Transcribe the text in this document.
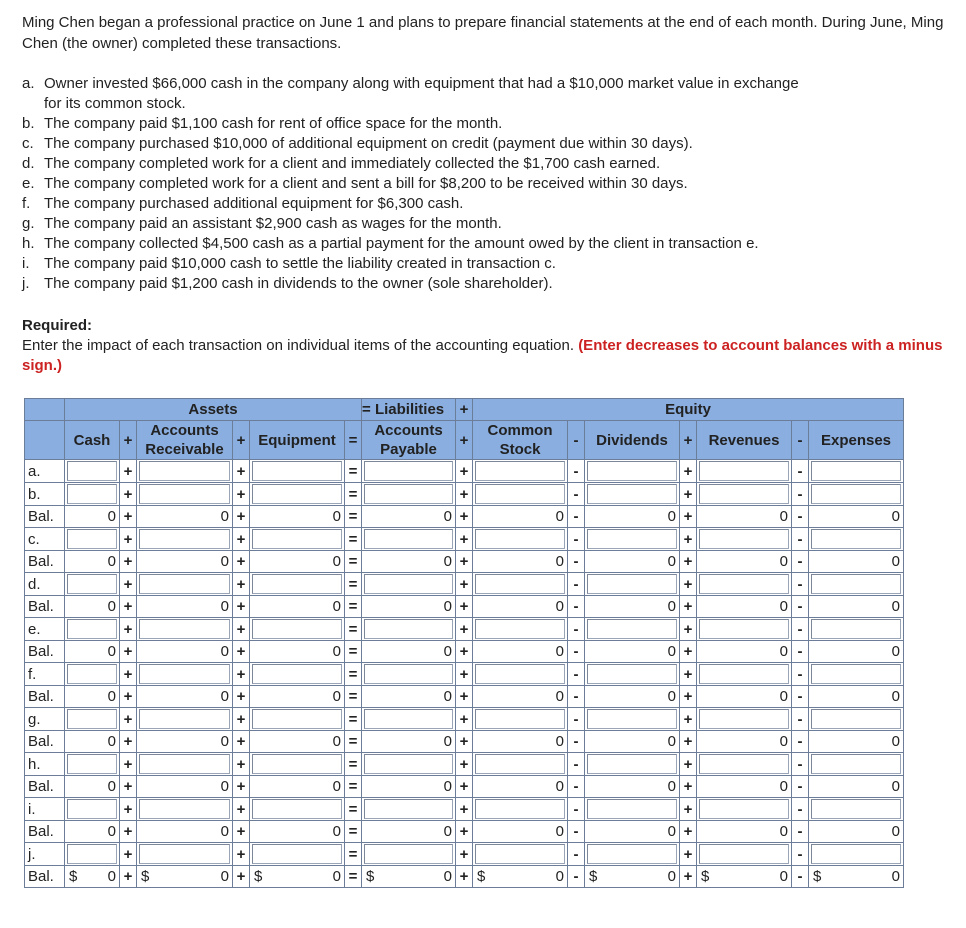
Ming Chen began a professional practice on June 1 and plans to prepare financial statements at the end of each month. During June, Ming Chen (the owner) completed these transactions.

a. Owner invested $66,000 cash in the company along with equipment that had a $10,000 market value in exchange
for its common stock.
b. The company paid $1,100 cash for rent of office space for the month.
c. The company purchased $10,000 of additional equipment on credit (payment due within 30 days).
d. The company completed work for a client and immediately collected the $1,700 cash earned.
e. The company completed work for a client and sent a bill for $8,200 to be received within 30 days.
f. The company purchased additional equipment for $6,300 cash.
g. The company paid an assistant $2,900 cash as wages for the month.
h. The company collected $4,500 cash as a partial payment for the amount owed by the client in transaction e.
i. The company paid $10,000 cash to settle the liability created in transaction c.
j. The company paid $1,200 cash in dividends to the owner (sole shareholder).
Required:
Enter the impact of each transaction on individual items of the accounting equation. (Enter decreases to account balances with a minus sign.)
	Assets						= Liabilities	+	Equity						
	Cash	+	Accounts Receivable	+	Equipment	=	Accounts Payable	+	Common Stock	-	Dividends	+	Revenues	-	Expenses
a.		+		+		=		+		-		+		-	

b.		+		+		=		+		-		+		-	

Bal.	0	+	0	+	0	=	0	+	0	-	0	+	0	-	0
c.		+		+		=		+		-		+		-	

Bal.	0	+	0	+	0	=	0	+	0	-	0	+	0	-	0
d.		+		+		=		+		-		+		-	

Bal.	0	+	0	+	0	=	0	+	0	-	0	+	0	-	0
e.		+		+		=		+		-		+		-	

Bal.	0	+	0	+	0	=	0	+	0	-	0	+	0	-	0
f.		+		+		=		+		-		+		-	

Bal.	0	+	0	+	0	=	0	+	0	-	0	+	0	-	0
g.		+		+		=		+		-		+		-	

Bal.	0	+	0	+	0	=	0	+	0	-	0	+	0	-	0
h.		+		+		=		+		-		+		-	

Bal.	0	+	0	+	0	=	0	+	0	-	0	+	0	-	0
i.		+		+		=		+		-		+		-	

Bal.	0	+	0	+	0	=	0	+	0	-	0	+	0	-	0
j.		+		+		=		+		-		+		-	

Bal.	$ 0	+	$ 0	+	$ 0	=	$ 0	+	$ 0	-	$ 0	+	$ 0	-	$ 0
